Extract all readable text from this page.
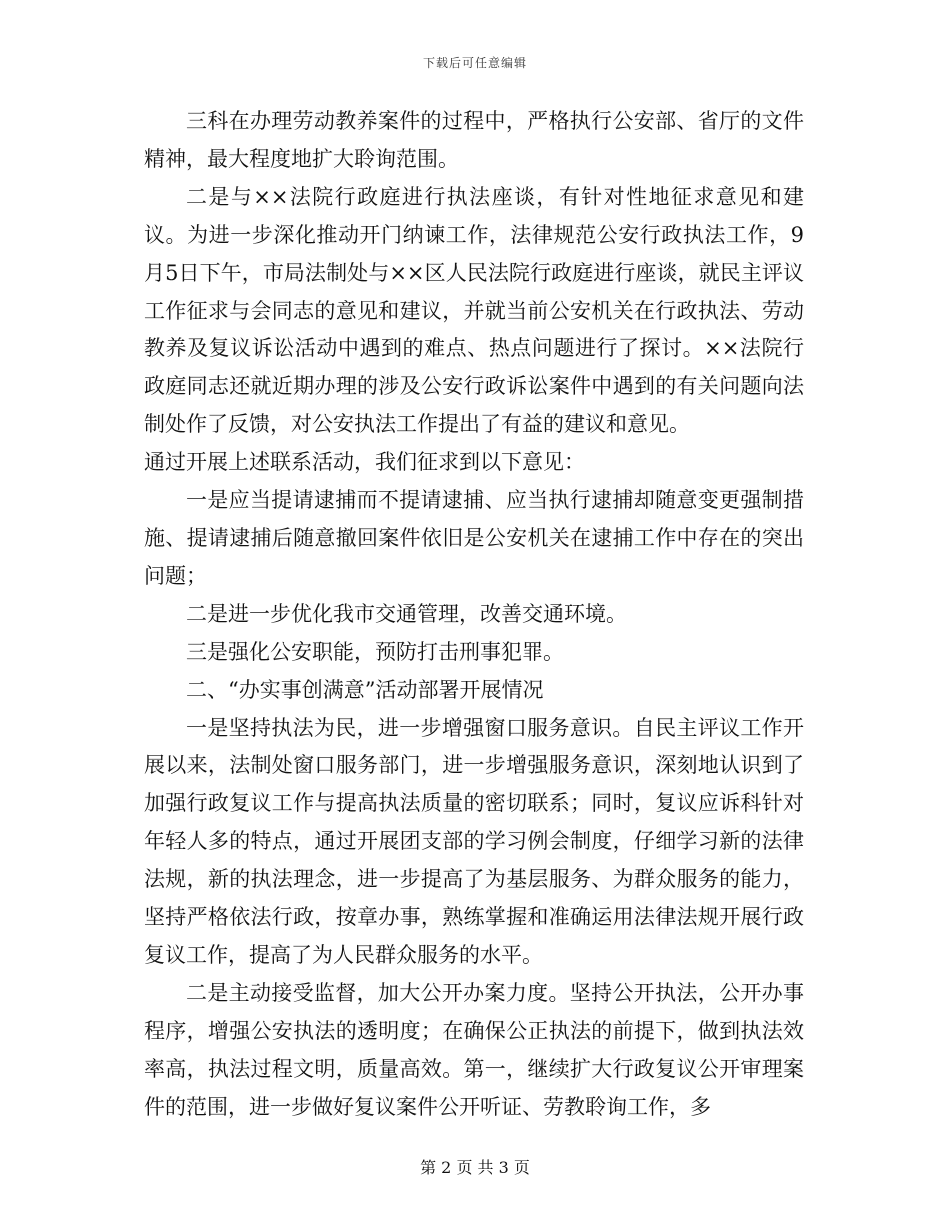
下载后可任意编辑

三科在办理劳动教养案件的过程中，严格执行公安部、省厅的文件精神，最大程度地扩大聆询范围。

二是与××法院行政庭进行执法座谈，有针对性地征求意见和建议。为进一步深化推动开门纳谏工作，法律规范公安行政执法工作，9月5日下午，市局法制处与××区人民法院行政庭进行座谈，就民主评议工作征求与会同志的意见和建议，并就当前公安机关在行政执法、劳动教养及复议诉讼活动中遇到的难点、热点问题进行了探讨。××法院行政庭同志还就近期办理的涉及公安行政诉讼案件中遇到的有关问题向法制处作了反馈，对公安执法工作提出了有益的建议和意见。

通过开展上述联系活动，我们征求到以下意见：

一是应当提请逮捕而不提请逮捕、应当执行逮捕却随意变更强制措施、提请逮捕后随意撤回案件依旧是公安机关在逮捕工作中存在的突出问题；

二是进一步优化我市交通管理，改善交通环境。

三是强化公安职能，预防打击刑事犯罪。

二、“办实事创满意”活动部署开展情况

一是坚持执法为民，进一步增强窗口服务意识。自民主评议工作开展以来，法制处窗口服务部门，进一步增强服务意识，深刻地认识到了加强行政复议工作与提高执法质量的密切联系；同时，复议应诉科针对年轻人多的特点，通过开展团支部的学习例会制度，仔细学习新的法律法规，新的执法理念，进一步提高了为基层服务、为群众服务的能力，坚持严格依法行政，按章办事，熟练掌握和准确运用法律法规开展行政复议工作，提高了为人民群众服务的水平。

二是主动接受监督，加大公开办案力度。坚持公开执法，公开办事程序，增强公安执法的透明度；在确保公正执法的前提下，做到执法效率高，执法过程文明，质量高效。第一，继续扩大行政复议公开审理案件的范围，进一步做好复议案件公开听证、劳教聆询工作，多

第 2 页 共 3 页
